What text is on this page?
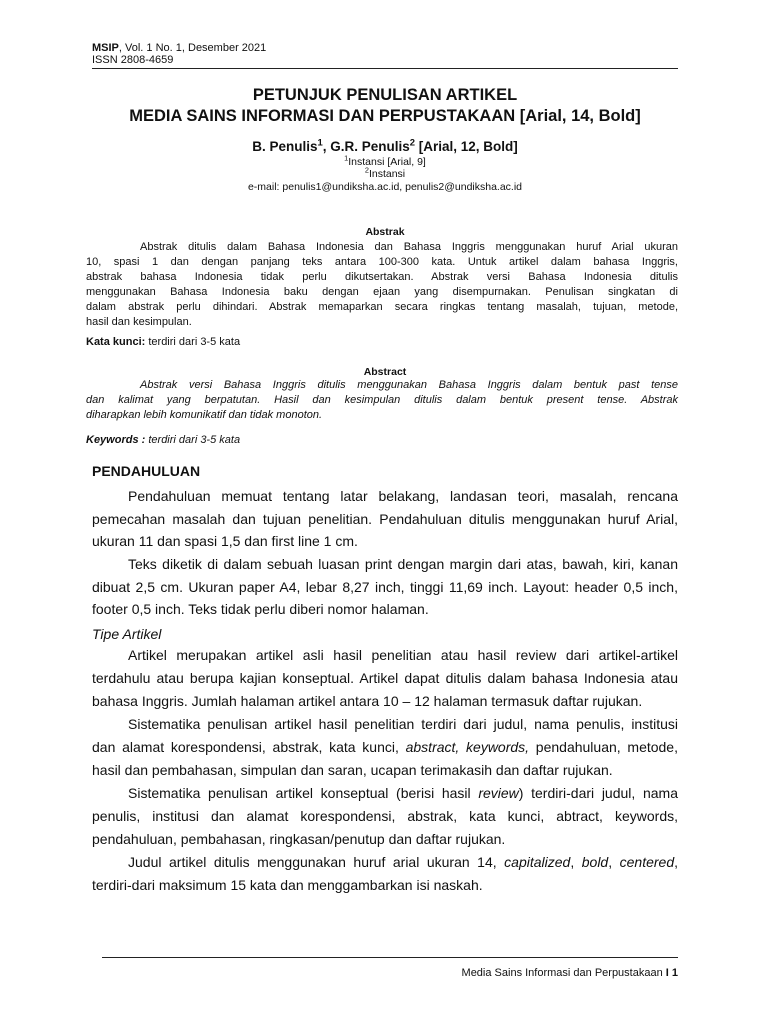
MSIP, Vol. 1 No. 1, Desember 2021
ISSN 2808-4659
PETUNJUK PENULISAN ARTIKEL
MEDIA SAINS INFORMASI DAN PERPUSTAKAAN [Arial, 14, Bold]
B. Penulis$^1$, G.R. Penulis$^2$ [Arial, 12, Bold]
$^1$Instansi [Arial, 9]
$^2$Instansi
e-mail: penulis1@undiksha.ac.id, penulis2@undiksha.ac.id
Abstrak
Abstrak ditulis dalam Bahasa Indonesia dan Bahasa Inggris menggunakan huruf Arial ukuran
10, spasi 1 dan dengan panjang teks antara 100-300 kata. Untuk artikel dalam bahasa Inggris,
abstrak bahasa Indonesia tidak perlu dikutsertakan. Abstrak versi Bahasa Indonesia ditulis
menggunakan Bahasa Indonesia baku dengan ejaan yang disempurnakan. Penulisan singkatan di
dalam abstrak perlu dihindari. Abstrak memaparkan secara ringkas tentang masalah, tujuan, metode,
hasil dan kesimpulan.
Kata kunci: terdiri dari 3-5 kata
Abstract
Abstrak versi Bahasa Inggris ditulis menggunakan Bahasa Inggris dalam bentuk past tense
dan kalimat yang berpatutan. Hasil dan kesimpulan ditulis dalam bentuk present tense. Abstrak
diharapkan lebih komunikatif dan tidak monoton.
Keywords : terdiri dari 3-5 kata
PENDAHULUAN
Pendahuluan memuat tentang latar belakang, landasan teori, masalah, rencana
pemecahan masalah dan tujuan penelitian. Pendahuluan ditulis menggunakan huruf Arial,
ukuran 11 dan spasi 1,5 dan first line 1 cm.
Teks diketik di dalam sebuah luasan print dengan margin dari atas, bawah, kiri, kanan
dibuat 2,5 cm. Ukuran paper A4, lebar 8,27 inch, tinggi 11,69 inch. Layout: header 0,5 inch,
footer 0,5 inch. Teks tidak perlu diberi nomor halaman.
Tipe Artikel
Artikel merupakan artikel asli hasil penelitian atau hasil review dari artikel-artikel
terdahulu atau berupa kajian konseptual. Artikel dapat ditulis dalam bahasa Indonesia atau
bahasa Inggris. Jumlah halaman artikel antara 10 – 12 halaman termasuk daftar rujukan.
Sistematika penulisan artikel hasil penelitian terdiri dari judul, nama penulis, institusi
dan alamat korespondensi, abstrak, kata kunci, abstract, keywords, pendahuluan, metode,
hasil dan pembahasan, simpulan dan saran, ucapan terimakasih dan daftar rujukan.
Sistematika penulisan artikel konseptual (berisi hasil review) terdiri-dari judul, nama
penulis, institusi dan alamat korespondensi, abstrak, kata kunci, abtract, keywords,
pendahuluan, pembahasan, ringkasan/penutup dan daftar rujukan.
Judul artikel ditulis menggunakan huruf arial ukuran 14, capitalized, bold, centered,
terdiri-dari maksimum 15 kata dan menggambarkan isi naskah.
Media Sains Informasi dan Perpustakaan I 1
